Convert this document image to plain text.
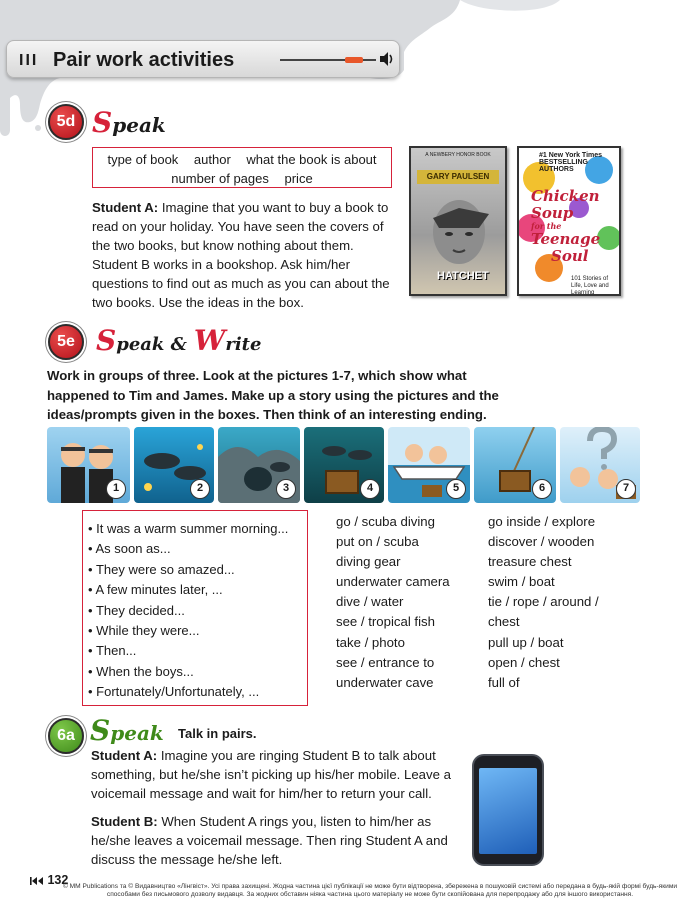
III Pair work activities
5d Speak
type of book author what the book is about
number of pages price

Student A: Imagine that you want to buy a book to read on your holiday. You have seen the covers of the two books, but know nothing about them. Student B works in a bookshop. Ask him/her questions to find out as much as you can about the two books. Use the ideas in the box.

A NEWBERY HONOR BOOK
GARY PAULSEN
HATCHET
#1 New York Times BESTSELLING AUTHORS
Chicken
Soup
for the
Teenage
Soul
101 Stories of Life, Love and Learning
5e Speak & Write

Work in groups of three. Look at the pictures 1-7, which show what happened to Tim and James. Make up a story using the pictures and the ideas/prompts given in the boxes. Then think of an interesting ending.

1	2	3	4	5	6	7
• It was a warm summer morning...
• As soon as...
• They were so amazed...
• A few minutes later, ...
• They decided...
• While they were...
• Then...
• When the boys...
• Fortunately/Unfortunately, ...
go / scuba diving
put on / scuba
diving gear
underwater camera
dive / water
see / tropical fish
take / photo
see / entrance to
underwater cave
go inside / explore
discover / wooden
treasure chest
swim / boat
tie / rope / around /
chest
pull up / boat
open / chest
full of
6a Speak Talk in pairs.

Student A: Imagine you are ringing Student B to talk about something, but he/she isn’t picking up his/her mobile. Leave a voicemail message and wait for him/her to return your call.

Student B: When Student A rings you, listen to him/her as he/she leaves a voicemail message. Then ring Student A and discuss the message he/she left.

132
© MM Publications та © Видавництво «Лінгвіст». Усі права захищені. Жодна частина цієї публікації не може бути відтворена, збережена в пошуковій системі або передана в будь-якій формі будь-якими способами без письмового дозволу видавця. За жодних обставин ніяка частина цього матеріалу не може бути скопійована для перепродажу або для іншого використання.
